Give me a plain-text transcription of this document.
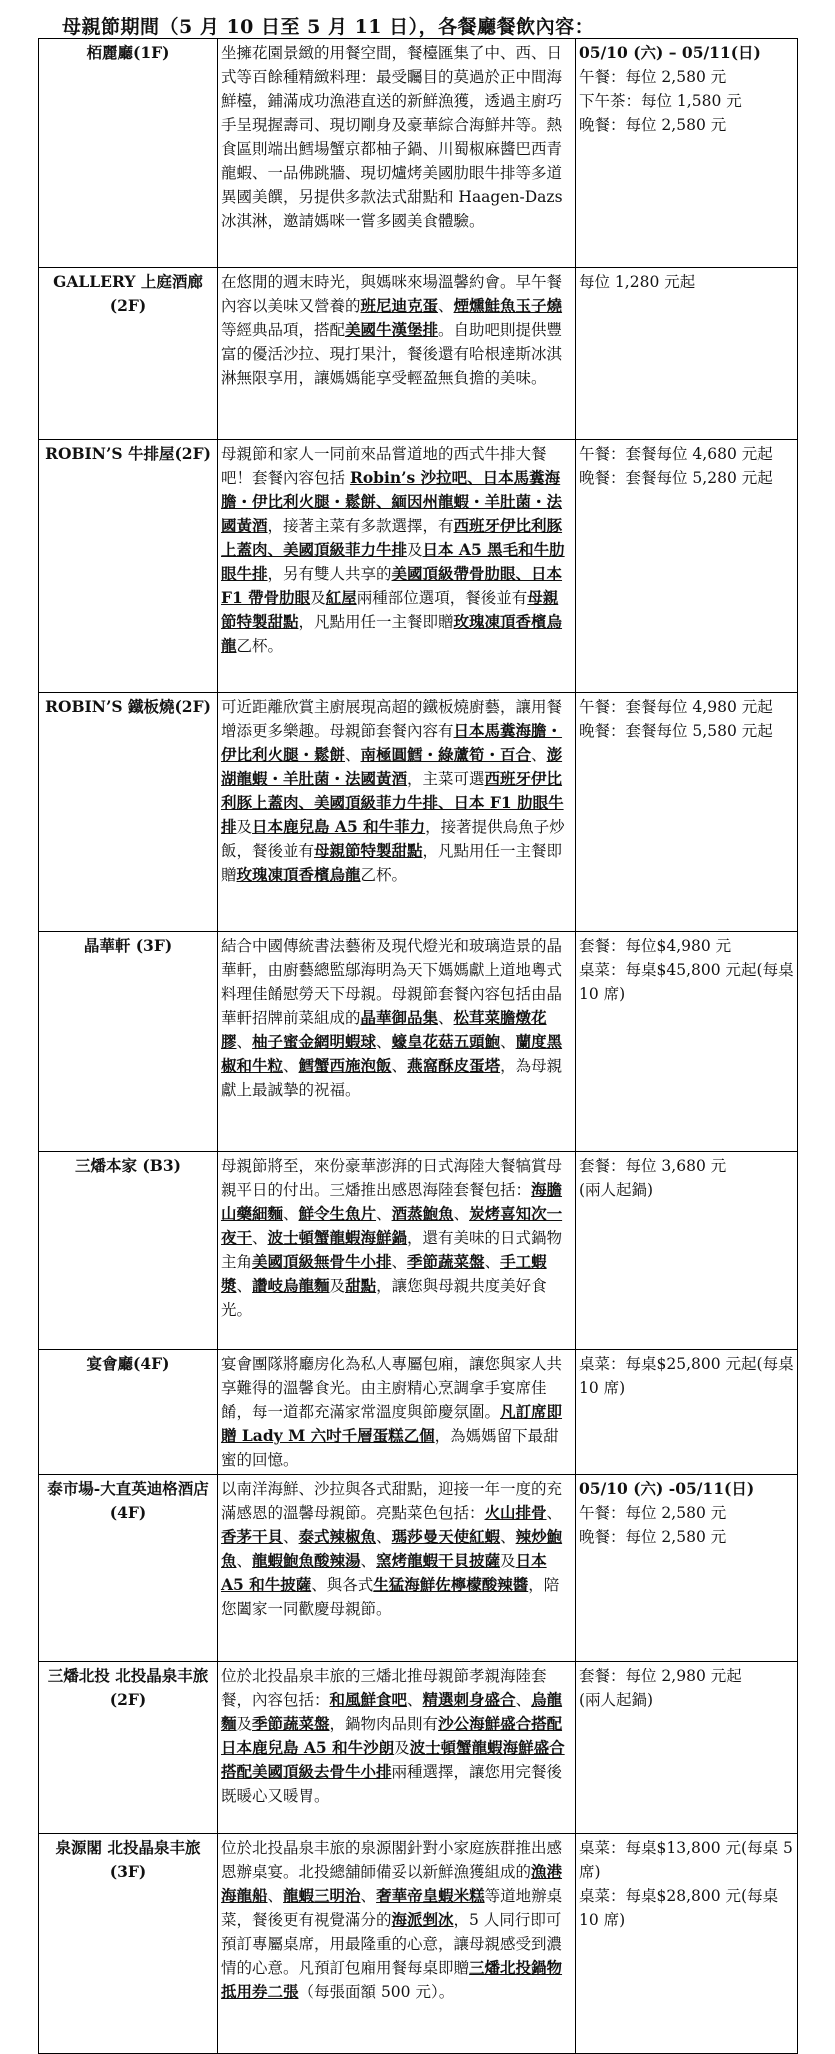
母親節期間（5 月 10 日至 5 月 11 日），各餐廳餐飲內容：
栢麗廳(1F)	坐擁花園景緻的用餐空間，餐檯匯集了中、西、日式等百餘種精緻料理：最受矚目的莫過於正中間海鮮檯，鋪滿成功漁港直送的新鮮漁獲，透過主廚巧手呈現握壽司、現切剛身及豪華綜合海鮮丼等。熱食區則端出鱈場蟹京都柚子鍋、川蜀椒麻醬巴西青龍蝦、一品佛跳牆、現切爐烤美國肋眼牛排等多道異國美饌，另提供多款法式甜點和 Haagen-Dazs 冰淇淋，邀請媽咪一嘗多國美食體驗。	05/10 (六) – 05/11(日)
午餐：每位 2,580 元
下午茶：每位 1,580 元
晚餐：每位 2,580 元

GALLERY 上庭酒廊 (2F)	在悠閒的週末時光，與媽咪來場溫馨約會。早午餐內容以美味又營養的班尼迪克蛋、煙燻鮭魚玉子燒等經典品項，搭配美國牛漢堡排。自助吧則提供豐富的優活沙拉、現打果汁，餐後還有哈根達斯冰淇淋無限享用，讓媽媽能享受輕盈無負擔的美味。	每位 1,280 元起

ROBIN’S 牛排屋(2F)	母親節和家人一同前來品嘗道地的西式牛排大餐吧！套餐內容包括 Robin’s 沙拉吧、日本馬糞海膽・伊比利火腿・鬆餅、緬因州龍蝦・羊肚菌・法國黃酒，接著主菜有多款選擇，有西班牙伊比利豚上蓋肉、美國頂級菲力牛排及日本 A5 黑毛和牛肋眼牛排，另有雙人共享的美國頂級帶骨肋眼、日本 F1 帶骨肋眼及紅屋兩種部位選項，餐後並有母親節特製甜點，凡點用任一主餐即贈玫瑰凍頂香檳烏龍乙杯。	午餐：套餐每位 4,680 元起
晚餐：套餐每位 5,280 元起

ROBIN’S 鐵板燒(2F)	可近距離欣賞主廚展現高超的鐵板燒廚藝，讓用餐增添更多樂趣。母親節套餐內容有日本馬糞海膽・伊比利火腿・鬆餅、南極圓鱈・綠蘆筍・百合、澎湖龍蝦・羊肚菌・法國黃酒，主菜可選西班牙伊比利豚上蓋肉、美國頂級菲力牛排、日本 F1 肋眼牛排及日本鹿兒島 A5 和牛菲力，接著提供烏魚子炒飯，餐後並有母親節特製甜點，凡點用任一主餐即贈玫瑰凍頂香檳烏龍乙杯。	午餐：套餐每位 4,980 元起
晚餐：套餐每位 5,580 元起

晶華軒 (3F)	結合中國傳統書法藝術及現代燈光和玻璃造景的晶華軒，由廚藝總監鄔海明為天下媽媽獻上道地粵式料理佳餚慰勞天下母親。母親節套餐內容包括由晶華軒招牌前菜組成的晶華御品集、松茸菜膽燉花膠、柚子蜜金網明蝦球、蠔皇花菇五頭鮑、蘭度黑椒和牛粒、鱈蟹西施泡飯、燕窩酥皮蛋塔，為母親獻上最誠摯的祝福。	套餐：每位$4,980 元
桌菜：每桌$45,800 元起(每桌 10 席)

三燔本家 (B3)	母親節將至，來份豪華澎湃的日式海陸大餐犒賞母親平日的付出。三燔推出感恩海陸套餐包括：海膽山藥細麵、鮮令生魚片、酒蒸鮑魚、炭烤喜知次一夜干、波士頓蟹龍蝦海鮮鍋，還有美味的日式鍋物主角美國頂級無骨牛小排、季節蔬菜盤、手工蝦漿、讚岐烏龍麵及甜點，讓您與母親共度美好食光。	套餐：每位 3,680 元
(兩人起鍋)

宴會廳(4F)	宴會團隊將廳房化為私人專屬包廂，讓您與家人共享難得的溫馨食光。由主廚精心烹調拿手宴席佳餚，每一道都充滿家常溫度與節慶氛圍。凡訂席即贈 Lady M 六吋千層蛋糕乙個，為媽媽留下最甜蜜的回憶。	桌菜：每桌$25,800 元起(每桌 10 席)

泰市場-大直英迪格酒店(4F)	以南洋海鮮、沙拉與各式甜點，迎接一年一度的充滿感恩的溫馨母親節。亮點菜色包括：火山排骨、香茅干貝、泰式辣椒魚、瑪莎曼天使紅蝦、辣炒鮑魚、龍蝦鮑魚酸辣湯、窯烤龍蝦干貝披薩及日本 A5 和牛披薩、與各式生猛海鮮佐檸檬酸辣醬，陪您闔家一同歡慶母親節。	05/10 (六) -05/11(日)
午餐：每位 2,580 元
晚餐：每位 2,580 元

三燔北投 北投晶泉丰旅(2F)	位於北投晶泉丰旅的三燔北推母親節孝親海陸套餐，內容包括：和風鮮食吧、精選刺身盛合、烏龍麵及季節蔬菜盤，鍋物肉品則有沙公海鮮盛合搭配日本鹿兒島 A5 和牛沙朗及波士頓蟹龍蝦海鮮盛合搭配美國頂級去骨牛小排兩種選擇，讓您用完餐後既暖心又暖胃。	套餐：每位 2,980 元起
(兩人起鍋)

泉源閣 北投晶泉丰旅(3F)	位於北投晶泉丰旅的泉源閣針對小家庭族群推出感恩辦桌宴。北投總舖師備妥以新鮮漁獲組成的漁港海龍船、龍蝦三明治、奢華帝皇蝦米糕等道地辦桌菜，餐後更有視覺滿分的海派剉冰，5 人同行即可預訂專屬桌席，用最隆重的心意，讓母親感受到濃情的心意。凡預訂包廂用餐每桌即贈三燔北投鍋物抵用券二張（每張面額 500 元）。	桌菜：每桌$13,800 元(每桌 5 席)
桌菜：每桌$28,800 元(每桌 10 席)
